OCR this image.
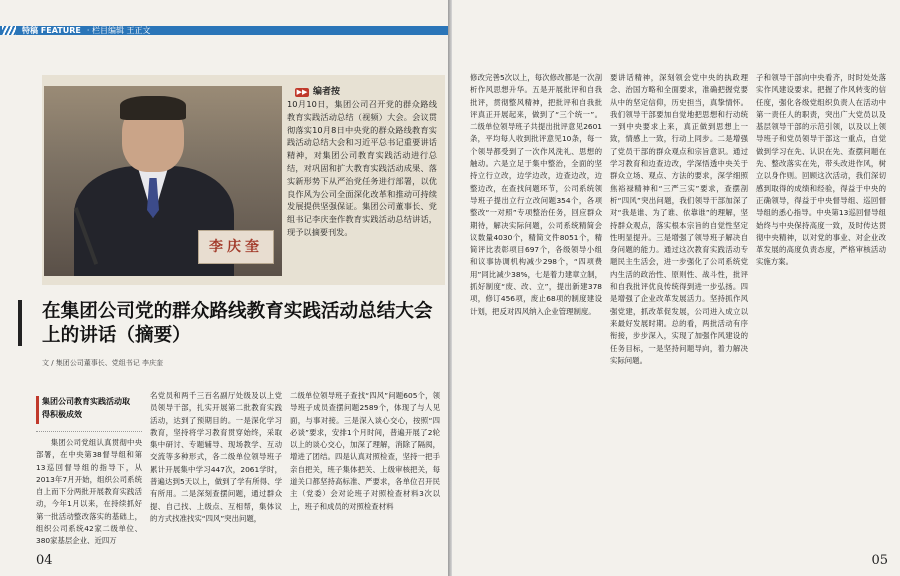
特稿 FEATURE · 栏目编辑 王正文
李庆奎
▶▶ 编者按
10月10日，集团公司召开党的群众路线教育实践活动总结（视频）大会。会议贯彻落实10月8日中央党的群众路线教育实践活动总结大会和习近平总书记重要讲话精神，对集团公司教育实践活动进行总结，对巩固和扩大教育实践活动成果、落实新形势下从严治党任务进行部署，以优良作风为公司全面深化改革和推动可持续发展提供坚强保证。集团公司董事长、党组书记李庆奎作教育实践活动总结讲话，现予以摘要刊发。
在集团公司党的群众路线教育实践活动总结大会上的讲话（摘要）
文 / 集团公司董事长、党组书记 李庆奎
集团公司教育实践活动取得积极成效
集团公司党组认真贯彻中央部署，在中央第38督导组和第13巡回督导组的指导下，从2013年7月开始，组织公司系统自上而下分两批开展教育实践活动，今年1月以来，在持续抓好第一批活动整改落实的基础上，组织公司系统42家二级单位、380家基层企业、近四万
名党员和两千三百名副厅处级及以上党员领导干部，扎实开展第二批教育实践活动，达到了预期目的。一是深化学习教育，坚持将学习教育贯穿始终，采取集中研讨、专题辅导、现场教学、互动交流等多种形式，各二级单位领导班子累计开展集中学习447次，2061学时，普遍达到5天以上，做到了学有所得、学有所用。二是深刻查摆问题，通过群众提、自己找、上级点、互相帮，集体议的方式找准找实“四风”突出问题，
二级单位领导班子查找“四风”问题605个，领导班子成员查摆问题2589个，体现了与人见面，与事对接。三是深入谈心交心，按照“四必谈”要求，安排1个月时间，普遍开展了2轮以上的谈心交心，加深了理解，消除了隔阂，增进了团结。四是认真对照检查，坚持一把手亲自把关，班子集体把关、上级审核把关，每道关口都坚持高标准、严要求，各单位召开民主（党委）会对论班子对照检查材料3次以上，班子和成员的对照检查材料
04
修改完善5次以上，每次修改都是一次剖析作风思想升华。五是开展批评和自我批评，贯彻整风精神，把批评和自我批评真正开展起来，做到了“三个统一”。二级单位领导班子共提出批评意见2601条，平均每人收到批评意见10条，每一个领导都受到了一次作风洗礼、思想的触动。六是立足于集中整治，全面的坚持立行立改，边学边改，边查边改，边整边改，在查找问题环节，公司系统领导班子提出立行立改问题354个，各项整改“一对照”专项整治任务，回应群众期待，解决实际问题，公司系统精简会议数量4030个，精简文件8051个，精简评比表彰项目697个，各级领导小组和议事协调机构减少298个，“四项费用”同比减少38%，七是着力建章立制，抓好制度“废、改、立”，提出新建378项，修订456项，废止68项的制度建设计划，把反对四风纳入企业管理制度。
要讲话精神，深刻领会党中央的执政理念、治国方略和全面要求，准确把握党要从中的坚定信仰，历史担当，真挚情怀。我们领导干部要加自觉地把思想和行动统一到中央要求上来，真正做到思想上一致，情感上一致，行动上同步。二是增强了党员干部的群众观点和宗旨意识。通过学习教育和边查边改，学深悟透中央关于群众立场、观点、方法的要求，深学细照焦裕禄精神和“三严三实”要求，查摆剖析“四风”突出问题，我们领导干部加深了对“我是谁、为了谁、依靠谁”的理解，坚持群众观点，落实根本宗旨的自觉性坚定性明显提升。三是增强了领导班子解决自身问题的能力。通过这次教育实践活动专题民主生活会，进一步强化了公司系统党内生活的政治性、原则性、战斗性，批评和自我批评优良传统得到进一步弘扬。四是增强了企业改革发展活力。坚持抓作风强党建，抓改革促发展，公司进入成立以来最好发展时期。总的看，两批活动有序衔接，步步深入，实现了加强作风建设的任务目标，一是坚持问题导向，着力解决实际问题。
子和领导干部向中央看齐，时时处处落实作风建设要求。把握了作风转变的信任度，强化各级党组织负责人在活动中第一责任人的职责，突出广大党员以及基层领导干部的示范引领，以及以上领导班子和党员领导干部这一重点，自觉做到学习在先、认识在先、查摆问题在先、整改落实在先，带头改进作风，树立以身作则。回顾这次活动，我们深切感到取得的成绩和经验，得益于中央的正确领导，得益于中央督导组、巡回督导组的悉心指导。中央第13巡回督导组始终与中央保持高度一致，及时传达贯彻中央精神，以对党的事业、对企业改革发展的高度负责态度，严格审核活动实施方案。
05
